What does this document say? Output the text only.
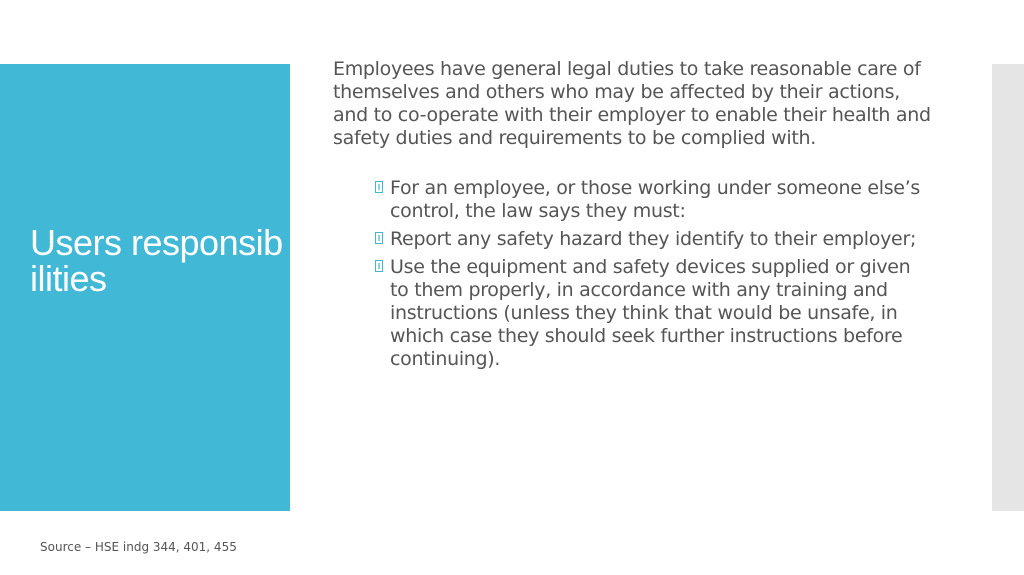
Users responsibilities

Employees have general legal duties to take reasonable care of themselves and others who may be affected by their actions, and to co-operate with their employer to enable their health and safety duties and requirements to be complied with.

For an employee, or those working under someone else’s control, the law says they must:
Report any safety hazard they identify to their employer;
Use the equipment and safety devices supplied or given to them properly, in accordance with any training and instructions (unless they think that would be unsafe, in which case they should seek further instructions before continuing).
Source – HSE indg 344, 401, 455
